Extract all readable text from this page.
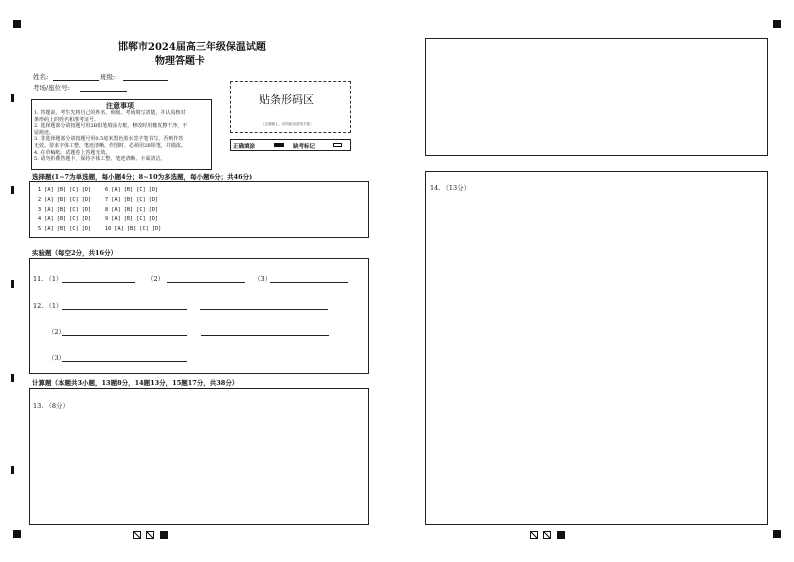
邯郸市2024届高三年级保温试题
物理答题卡
姓名:	班级:
考场/座位号:
注意事项
1. 答题前，考生先将自己的姓名、班级、考场填写清楚，并认真核对
条形码上的姓名和准考证号。
2. 选择题部分请按题号用2B铅笔填涂方框，修改时用橡皮擦干净，不
留痕迹。
3. 非选择题部分请按题号用0.5毫米黑色墨水签字笔书写，否则作答
无效。要求字体工整、笔迹清晰。作图时，必须用2B铅笔，并描浓。
4. 在草稿纸、试题卷上答题无效。
5. 请勿折叠答题卡，保持字体工整、笔迹清晰、卡面清洁。
贴条形码区
（正面朝上，切勿贴出虚线方框）
正确填涂	缺考标记
选择题(1~7为单选题，每小题4分；8~10为多选题，每小题6分；共46分)
1 [A] [B] [C] [D]
2 [A] [B] [C] [D]
3 [A] [B] [C] [D]
4 [A] [B] [C] [D]
5 [A] [B] [C] [D]
6 [A] [B] [C] [D]
7 [A] [B] [C] [D]
8 [A] [B] [C] [D]
9 [A] [B] [C] [D]
10 [A] [B] [C] [D]
实验题（每空2分，共16分）
11. （1）	（2）	（3）
12. （1）
（2）
（3）
计算题（本题共3小题，13题8分，14题13分，15题17分，共38分）
13. （8分）
14. （13分）
